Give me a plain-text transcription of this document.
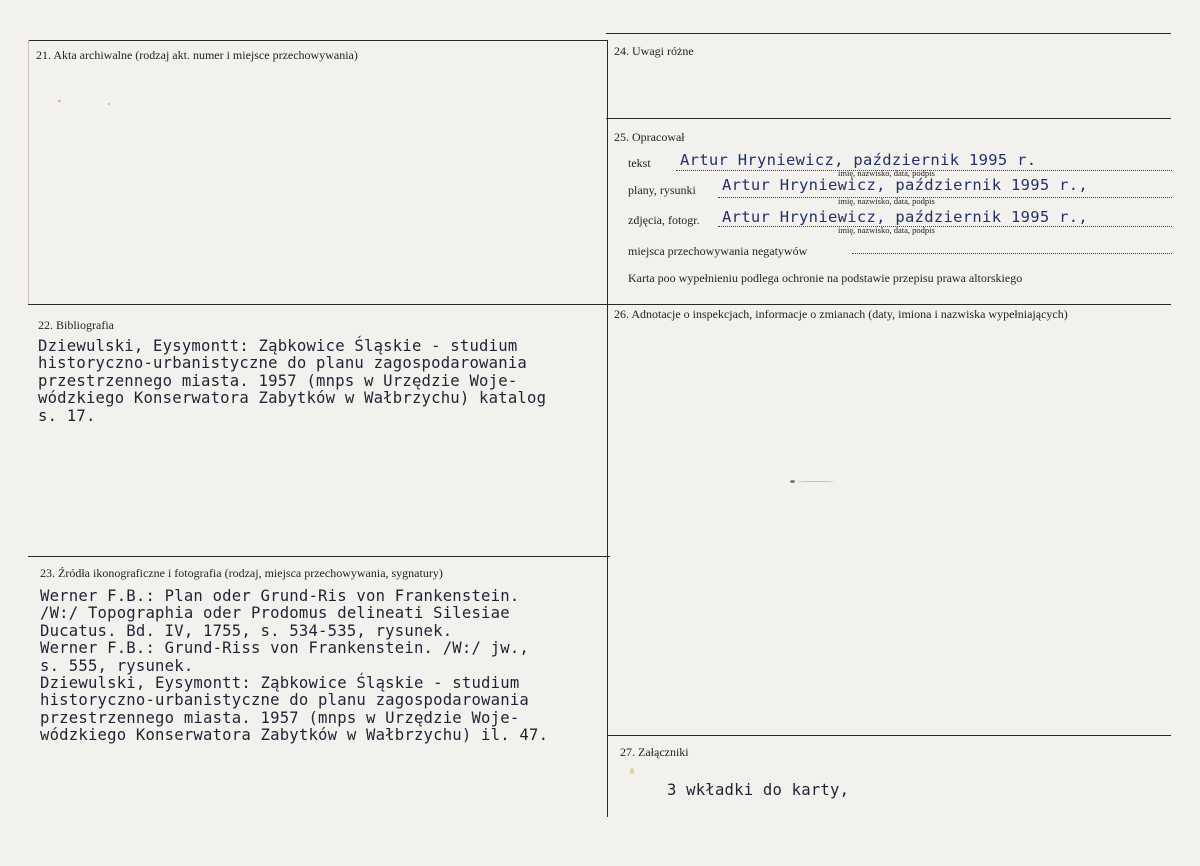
21. Akta archiwalne (rodzaj akt. numer i miejsce przechowywania)
22. Bibliografia
Dziewulski, Eysymontt: Ząbkowice Śląskie - studium
historyczno-urbanistyczne do planu zagospodarowania
przestrzennego miasta. 1957 (mnps w Urzędzie Woje-
wódzkiego Konserwatora Zabytków w Wałbrzychu) katalog
s. 17.
23. Źródła ikonograficzne i fotografia (rodzaj, miejsca przechowywania, sygnatury)
Werner F.B.: Plan oder Grund-Ris von Frankenstein.
/W:/ Topographia oder Prodomus delineati Silesiae
Ducatus. Bd. IV, 1755, s. 534-535, rysunek.
Werner F.B.: Grund-Riss von Frankenstein. /W:/ jw.,
s. 555, rysunek.
Dziewulski, Eysymontt: Ząbkowice Śląskie - studium
historyczno-urbanistyczne do planu zagospodarowania
przestrzennego miasta. 1957 (mnps w Urzędzie Woje-
wódzkiego Konserwatora Zabytków w Wałbrzychu) il. 47.
24. Uwagi różne
25. Opracował
tekst Artur Hryniewicz, październik 1995 r.
imię, nazwisko, data, podpis
plany, rysunki Artur Hryniewicz, październik 1995 r.,
imię, nazwisko, data, podpis
zdjęcia, fotogr. Artur Hryniewicz, październik 1995 r.,
imię, nazwisko, data, podpis
miejsca przechowywania negatywów
Karta poo wypełnieniu podlega ochronie na podstawie przepisu prawa altorskiego
26. Adnotacje o inspekcjach, informacje o zmianach (daty, imiona i nazwiska wypełniających)
27. Załączniki
3 wkładki do karty,
